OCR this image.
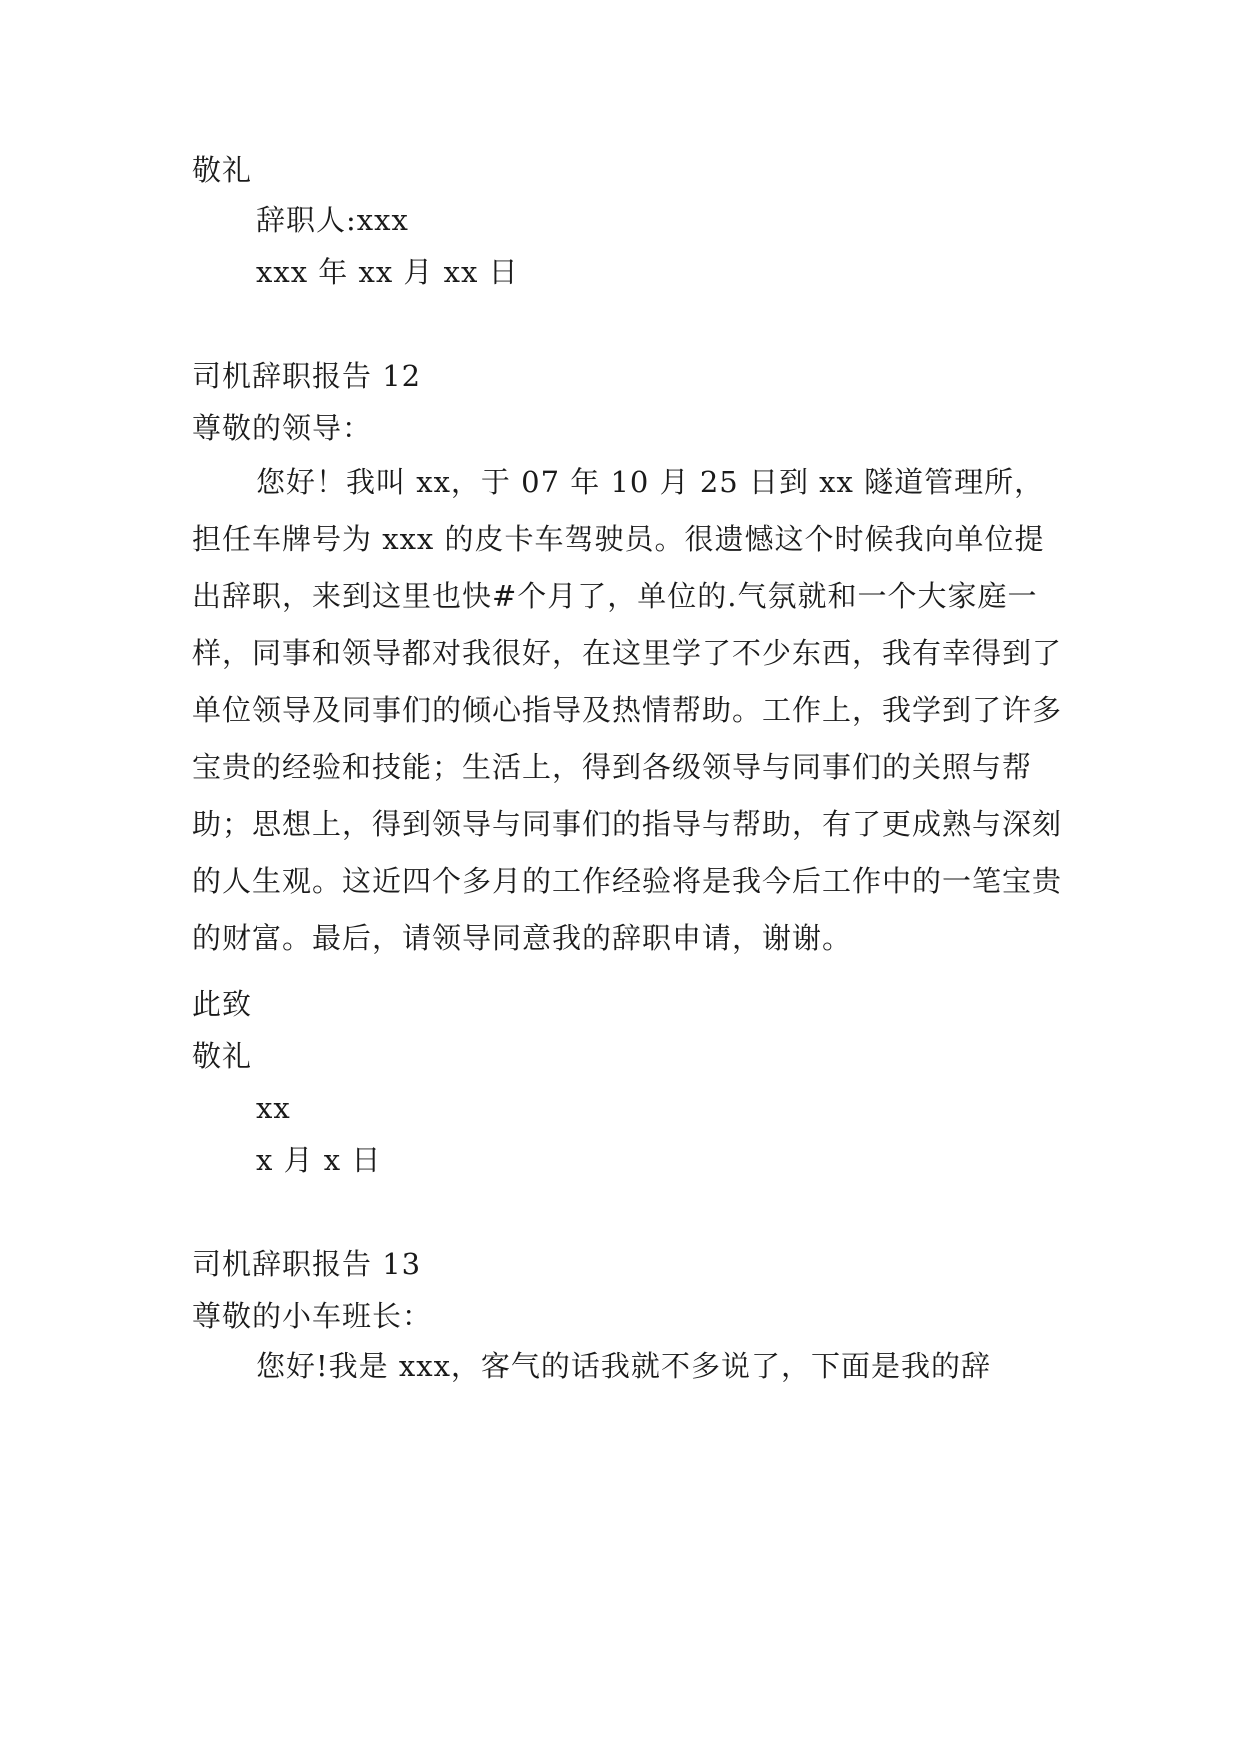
敬礼
辞职人:xxx
xxx 年 xx 月 xx 日
司机辞职报告 12
尊敬的领导：
您好！我叫 xx，于 07 年 10 月 25 日到 xx 隧道管理所，担任车牌号为 xxx 的皮卡车驾驶员。很遗憾这个时候我向单位提出辞职，来到这里也快#个月了，单位的.气氛就和一个大家庭一样，同事和领导都对我很好，在这里学了不少东西，我有幸得到了单位领导及同事们的倾心指导及热情帮助。工作上，我学到了许多宝贵的经验和技能；生活上，得到各级领导与同事们的关照与帮助；思想上，得到领导与同事们的指导与帮助，有了更成熟与深刻的人生观。这近四个多月的工作经验将是我今后工作中的一笔宝贵的财富。最后，请领导同意我的辞职申请，谢谢。
此致
敬礼
xx
x 月 x 日
司机辞职报告 13
尊敬的小车班长：
您好!我是 xxx，客气的话我就不多说了，下面是我的辞
